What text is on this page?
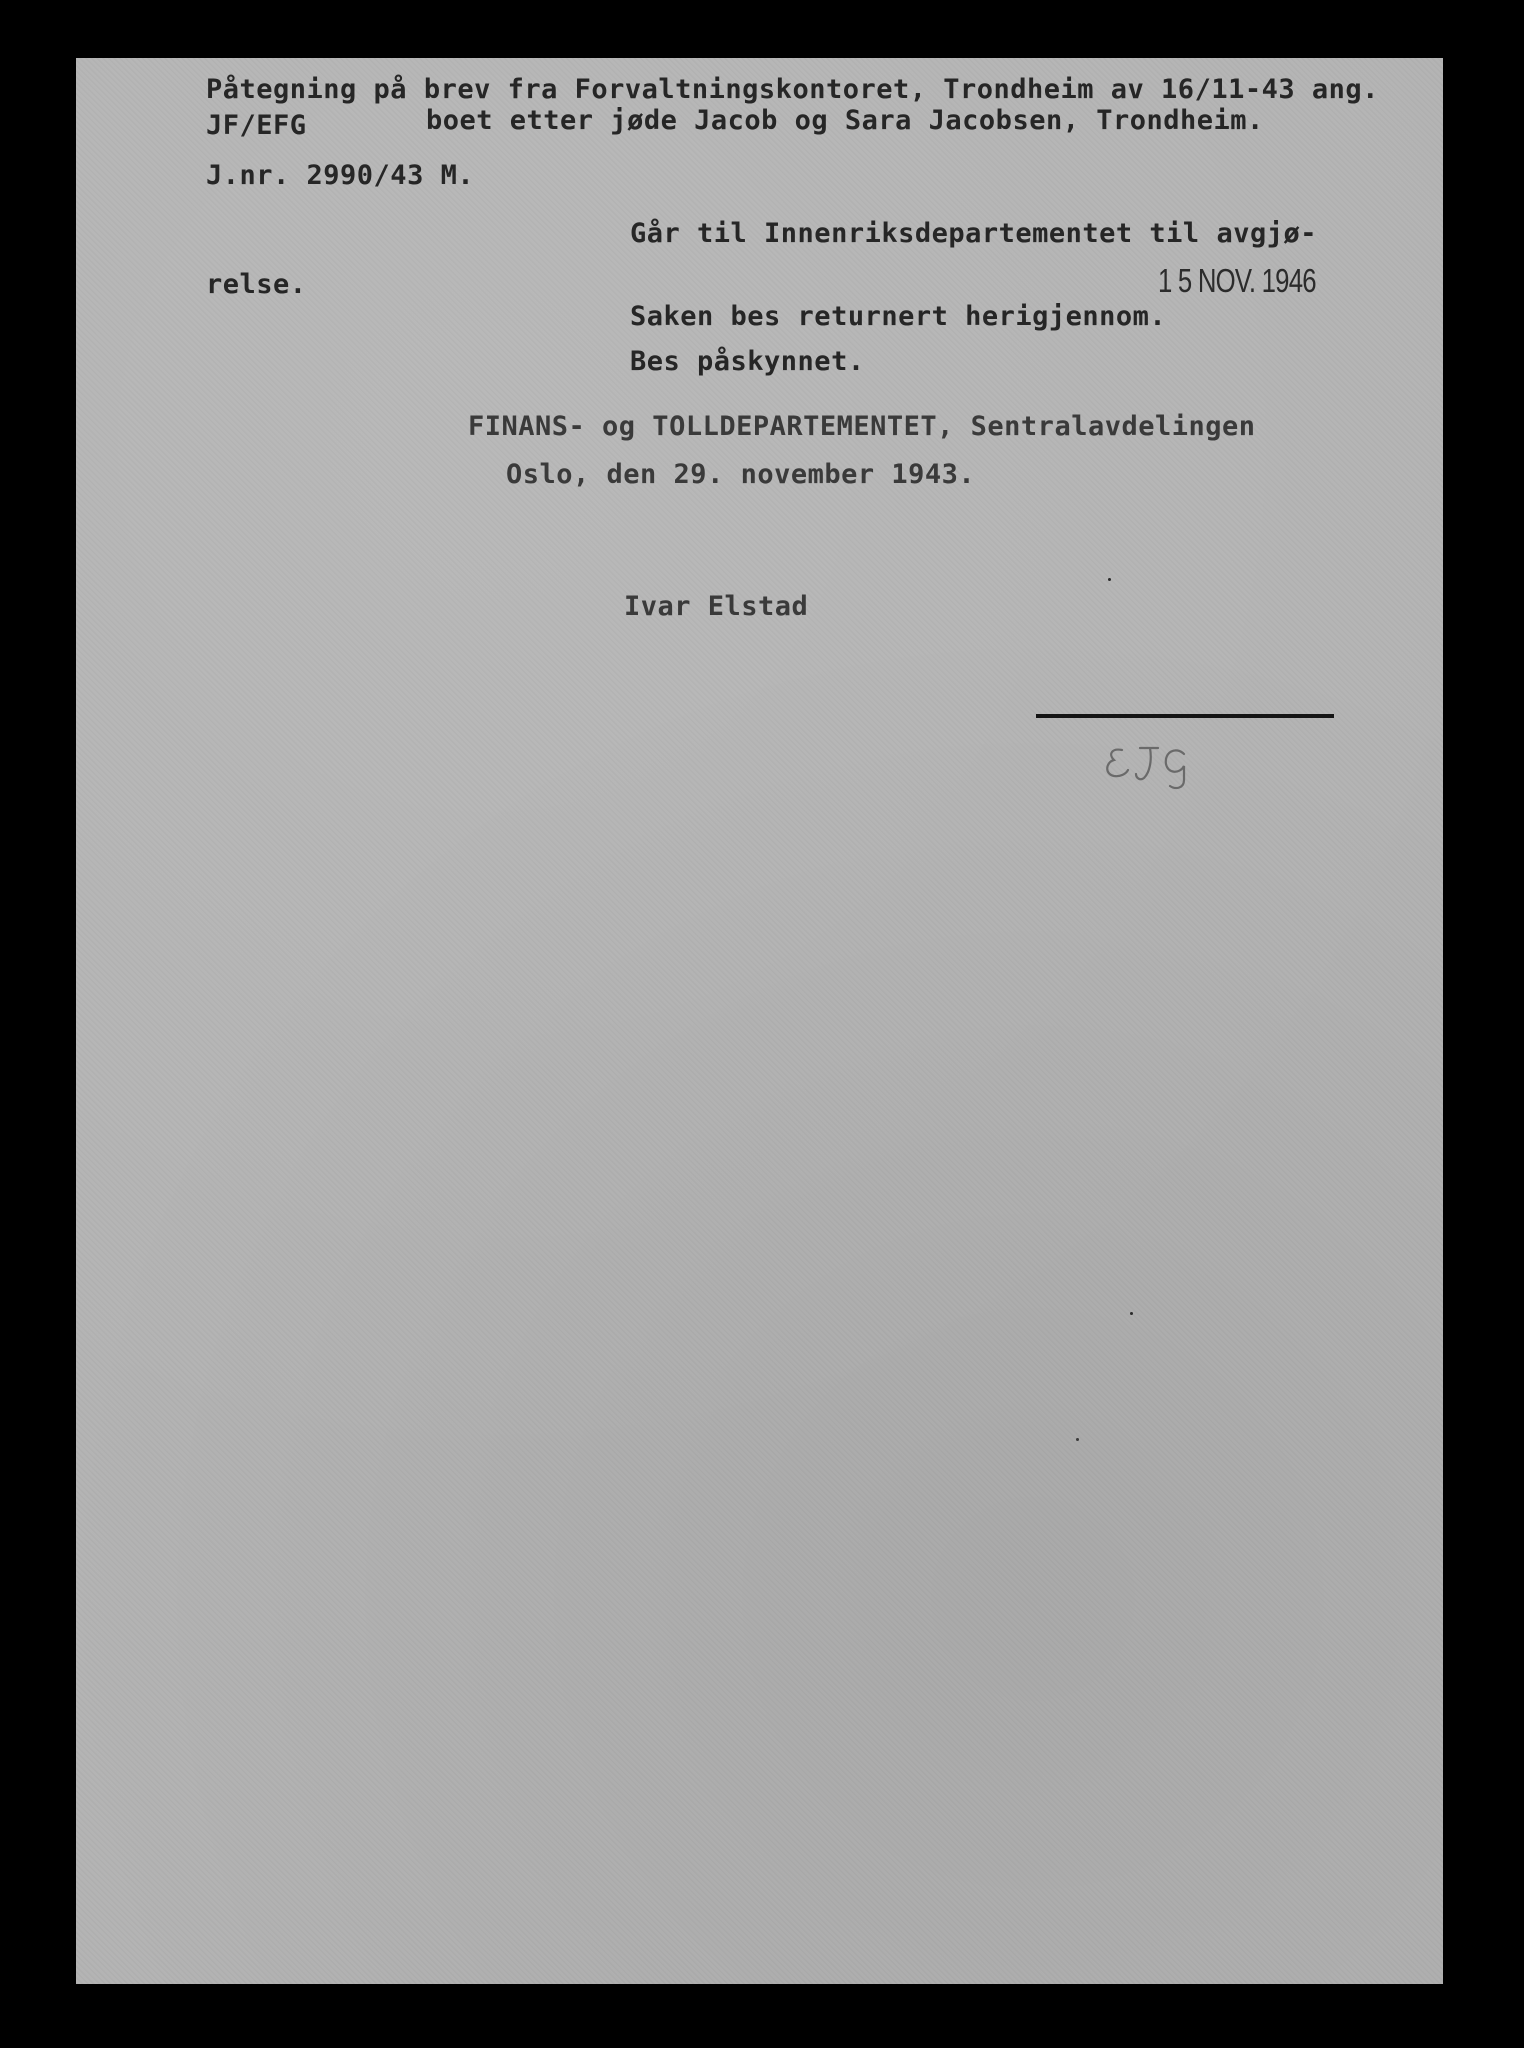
Påtegning på brev fra Forvaltningskontoret, Trondheim av 16/11-43 ang.

JF/EFG	boet etter jøde Jacob og Sara Jacobsen, Trondheim.

J.nr. 2990/43 M.

Går til Innenriksdepartementet til avgjø-

relse.	1 5 NOV. 1946

Saken bes returnert herigjennom.

Bes påskynnet.

FINANS- og TOLLDEPARTEMENTET, Sentralavdelingen

Oslo, den 29. november 1943.

Ivar Elstad
